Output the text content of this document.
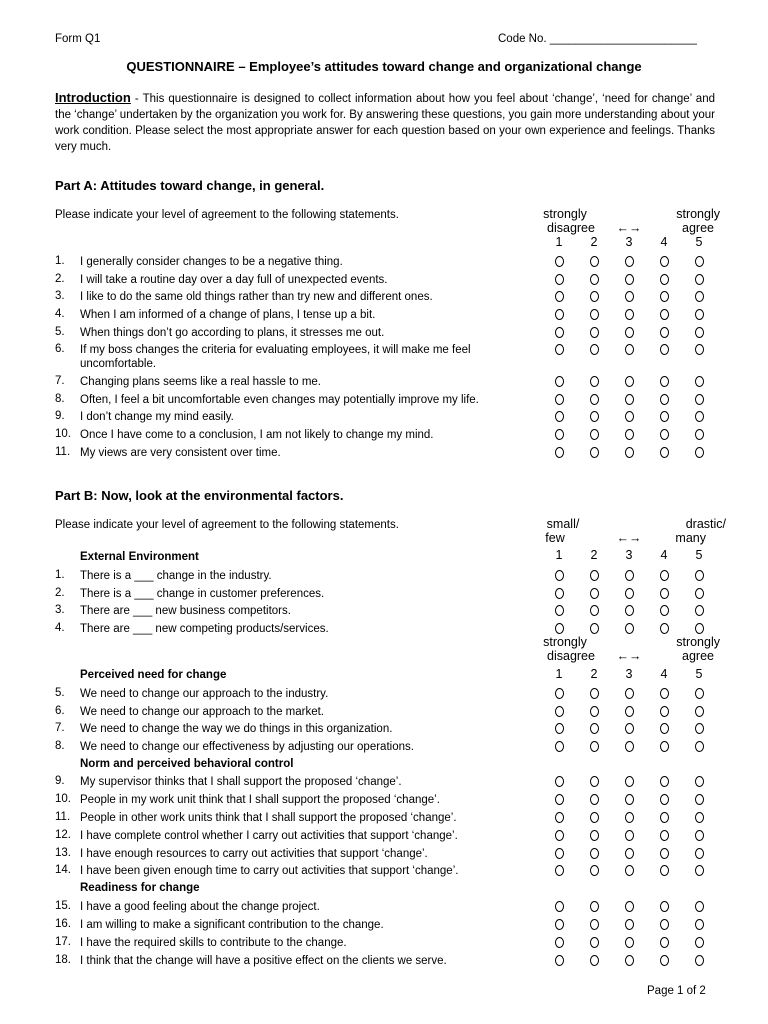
Form Q1	Code No. _______________________
QUESTIONNAIRE – Employee’s attitudes toward change and organizational change
Introduction - This questionnaire is designed to collect information about how you feel about ‘change’, ‘need for change’ and the ‘change’ undertaken by the organization you work for. By answering these questions, you gain more understanding about your work condition. Please select the most appropriate answer for each question based on your own experience and feelings. Thanks very much.
Part A: Attitudes toward change, in general.
Please indicate your level of agreement to the following statements.	strongly
disagree	←→
strongly
agree
1	2	3	4	5
1.	I generally consider changes to be a negative thing.
2.	I will take a routine day over a day full of unexpected events.
3.	I like to do the same old things rather than try new and different ones.
4.	When I am informed of a change of plans, I tense up a bit.
5.	When things don’t go according to plans, it stresses me out.
6.	If my boss changes the criteria for evaluating employees, it will make me feel uncomfortable.
7.	Changing plans seems like a real hassle to me.
8.	Often, I feel a bit uncomfortable even changes may potentially improve my life.
9.	I don’t change my mind easily.
10. Once I have come to a conclusion, I am not likely to change my mind.
11. My views are very consistent over time.
Part B: Now, look at the environmental factors.
Please indicate your level of agreement to the following statements.	small/
few	←→
drastic/
many
1	2	3	4	5
strongly
disagree	←→
strongly
agree
1	2	3	4	5
External Environment
Perceived need for change
Norm and perceived behavioral control
Readiness for change
1.	There is a ___ change in the industry.
2.	There is a ___ change in customer preferences.
3.	There are ___ new business competitors.
4.	There are ___ new competing products/services.
5.	We need to change our approach to the industry.
6.	We need to change our approach to the market.
7.	We need to change the way we do things in this organization.
8.	We need to change our effectiveness by adjusting our operations.
9.	My supervisor thinks that I shall support the proposed ‘change’.
10. People in my work unit think that I shall support the proposed ‘change’.
11. People in other work units think that I shall support the proposed ‘change’.
12. I have complete control whether I carry out activities that support ‘change’.
13. I have enough resources to carry out activities that support ‘change’.
14. I have been given enough time to carry out activities that support ‘change’.
15. I have a good feeling about the change project.
16. I am willing to make a significant contribution to the change.
17. I have the required skills to contribute to the change.
18. I think that the change will have a positive effect on the clients we serve.
Page 1 of 2
